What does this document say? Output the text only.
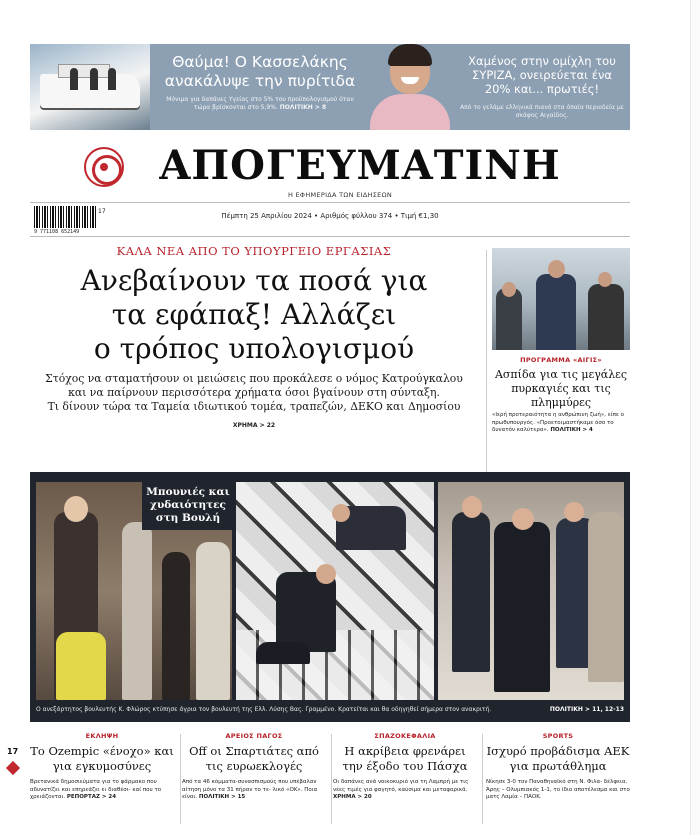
Θαύμα! Ο Κασσελάκης ανακάλυψε την πυρίτιδα
Μόνιμα για δαπάνες Υγείας στο 5% του προϋπολογισμού όταν τώρα βρίσκονται στο 5,9%. ΠΟΛΙΤΙΚΗ > 8
Χαμένος στην ομίχλη του ΣΥΡΙΖΑ, ονειρεύεται ένα 20% και... πρωτιές!
Από το γελάμε ελληνικά πιανό στα όπαία περιοδεία με σκάφος Αιγαίδος.
ΑΠΟΓΕΥΜΑΤΙΝΗ
Η ΕΦΗΜΕΡΙΔΑ ΤΩΝ ΕΙΔΗΣΕΩΝ
9 771108 652149
17
Πέμπτη 25 Απριλίου 2024 • Αριθμός φύλλου 374 • Τιμή €1,30
ΚΑΛΑ ΝΕΑ ΑΠΟ ΤΟ ΥΠΟΥΡΓΕΙΟ ΕΡΓΑΣΙΑΣ
Ανεβαίνουν τα ποσά για
τα εφάπαξ! Αλλάζει
ο τρόπος υπολογισμού
Στόχος να σταματήσουν οι μειώσεις που προκάλεσε ο νόμος Κατρούγκαλου
και να παίρνουν περισσότερα χρήματα όσοι βγαίνουν στη σύνταξη.
Τι δίνουν τώρα τα Ταμεία ιδιωτικού τομέα, τραπεζών, ΔΕΚΟ και Δημοσίου
ΧΡΗΜΑ > 22
ΠΡΟΓΡΑΜΜΑ «ΑΙΓΙΣ»
Ασπίδα για τις μεγάλες πυρκαγιές και τις πλημμύρες
«Ιερή προτεραιότητα η ανθρώπινη ζωή», είπε ο πρωθυπουργός. «Προετοιμαστήκαμε όσο το δυνατόν καλύτερα». ΠΟΛΙΤΙΚΗ > 4
Μπουνιές και χυδαιότητες στη Βουλή
Ο ανεξάρτητος βουλευτής Κ. Φλώρος κτύπησε άγρια τον βουλευτή της Ελλ. Λύσης Βας. Γραμμένο. Κρατείται και θα οδηγηθεί σήμερα στον ανακριτή.	ΠΟΛΙΤΙΚΗ > 11, 12-13
ΕΚΛΗΨΗ
Το Ozempic «ένοχο» και για εγκυμοσύνες
Βρετανικά δημοσιεύματα για το φάρμακο που αδυνατίζει και επηρεάζει ει διαθέσι- καί που το χρειάζονται. ΡΕΠΟΡΤΑΖ > 24
ΑΡΕΙΟΣ ΠΑΓΟΣ
Off οι Σπαρτιάτες από τις ευρωεκλογές
Από τα 46 κόμματα-συνασπισμούς που υπέβαλαν αίτηση μόνο τα 31 πήραν το τε- λικό «ΟΚ». Ποια είναι. ΠΟΛΙΤΙΚΗ > 15
ΣΠΑΖΟΚΕΦΑΛΙΑ
Η ακρίβεια φρενάρει την έξοδο του Πάσχα
Οι δαπάνες ανά νοικοκυριό για τη Λαμπρή με τις νέες τιμές για φαγητό, καύσιμα και μεταφορικά. ΧΡΗΜΑ > 20
SPORTS
Ισχυρό προβάδισμα ΑΕΚ για πρωτάθλημα
Νίκησε 3-0 τον Παναθηναϊκό στη Ν. Φιλα- δέλφεια. Άρης – Ολυμπιακός 1-1, το ίδιο αποτέλεσμα και στο ματς Λαμία – ΠΑΟΚ.
17
